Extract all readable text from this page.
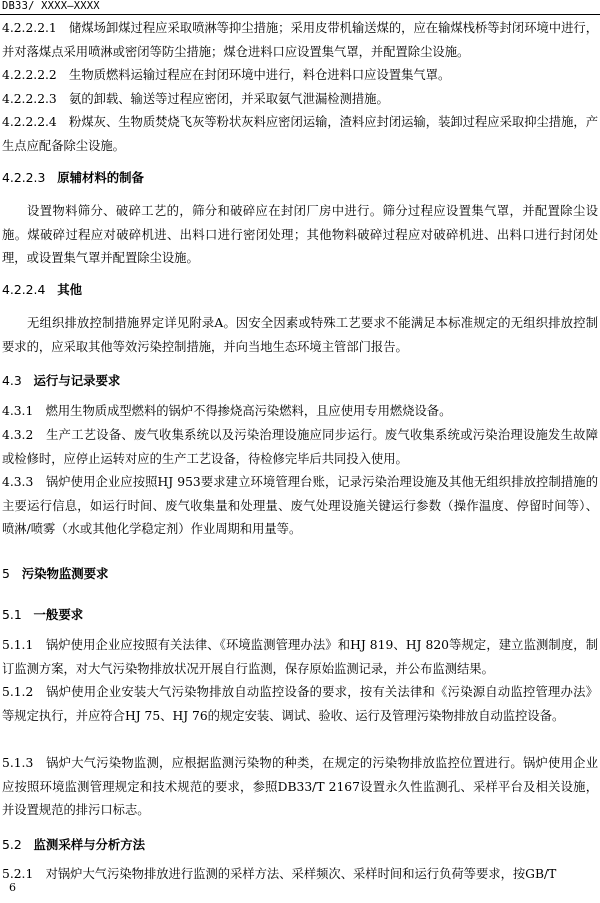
DB33/ XXXX—XXXX
4.2.2.2.1　储煤场卸煤过程应采取喷淋等抑尘措施；采用皮带机输送煤的，应在输煤栈桥等封闭环境中进行，并对落煤点采用喷淋或密闭等防尘措施；煤仓进料口应设置集气罩，并配置除尘设施。
4.2.2.2.2　生物质燃料运输过程应在封闭环境中进行，料仓进料口应设置集气罩。
4.2.2.2.3　氨的卸载、输送等过程应密闭，并采取氨气泄漏检测措施。
4.2.2.2.4　粉煤灰、生物质焚烧飞灰等粉状灰料应密闭运输，渣料应封闭运输，装卸过程应采取抑尘措施，产生点应配备除尘设施。
4.2.2.3 原辅材料的制备
设置物料筛分、破碎工艺的，筛分和破碎应在封闭厂房中进行。筛分过程应设置集气罩，并配置除尘设施。煤破碎过程应对破碎机进、出料口进行密闭处理；其他物料破碎过程应对破碎机进、出料口进行封闭处理，或设置集气罩并配置除尘设施。
4.2.2.4 其他
无组织排放控制措施界定详见附录A。因安全因素或特殊工艺要求不能满足本标准规定的无组织排放控制要求的，应采取其他等效污染控制措施，并向当地生态环境主管部门报告。
4.3 运行与记录要求
4.3.1　燃用生物质成型燃料的锅炉不得掺烧高污染燃料，且应使用专用燃烧设备。
4.3.2　生产工艺设备、废气收集系统以及污染治理设施应同步运行。废气收集系统或污染治理设施发生故障或检修时，应停止运转对应的生产工艺设备，待检修完毕后共同投入使用。
4.3.3　锅炉使用企业应按照HJ 953要求建立环境管理台账，记录污染治理设施及其他无组织排放控制措施的主要运行信息，如运行时间、废气收集量和处理量、废气处理设施关键运行参数（操作温度、停留时间等）、喷淋/喷雾（水或其他化学稳定剂）作业周期和用量等。
5 污染物监测要求
5.1 一般要求
5.1.1　锅炉使用企业应按照有关法律、《环境监测管理办法》和HJ 819、HJ 820等规定，建立监测制度，制订监测方案，对大气污染物排放状况开展自行监测，保存原始监测记录，并公布监测结果。
5.1.2　锅炉使用企业安装大气污染物排放自动监控设备的要求，按有关法律和《污染源自动监控管理办法》等规定执行，并应符合HJ 75、HJ 76的规定安装、调试、验收、运行及管理污染物排放自动监控设备。
5.1.3　锅炉大气污染物监测，应根据监测污染物的种类，在规定的污染物排放监控位置进行。锅炉使用企业应按照环境监测管理规定和技术规范的要求，参照DB33/T 2167设置永久性监测孔、采样平台及相关设施，并设置规范的排污口标志。
5.2 监测采样与分析方法
5.2.1　对锅炉大气污染物排放进行监测的采样方法、采样频次、采样时间和运行负荷等要求，按GB/T
6
